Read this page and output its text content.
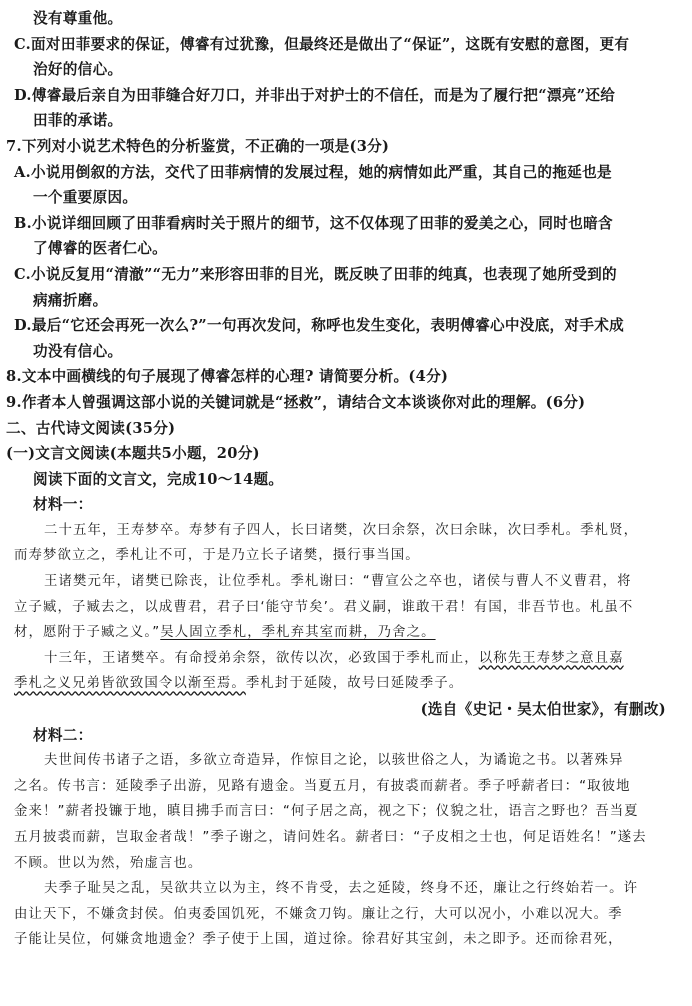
没有尊重他。
C.面对田菲要求的保证，傅睿有过犹豫，但最终还是做出了“保证”，这既有安慰的意图，更有
治好的信心。
D.傅睿最后亲自为田菲缝合好刀口，并非出于对护士的不信任，而是为了履行把“漂亮”还给
田菲的承诺。
7.下列对小说艺术特色的分析鉴赏，不正确的一项是(3分)
A.小说用倒叙的方法，交代了田菲病情的发展过程，她的病情如此严重，其自己的拖延也是
一个重要原因。
B.小说详细回顾了田菲看病时关于照片的细节，这不仅体现了田菲的爱美之心，同时也暗含
了傅睿的医者仁心。
C.小说反复用“清澈”“无力”来形容田菲的目光，既反映了田菲的纯真，也表现了她所受到的
病痛折磨。
D.最后“它还会再死一次么?”一句再次发问，称呼也发生变化，表明傅睿心中没底，对手术成
功没有信心。
8.文本中画横线的句子展现了傅睿怎样的心理? 请简要分析。(4分)
9.作者本人曾强调这部小说的关键词就是“拯救”，请结合文本谈谈你对此的理解。(6分)
二、古代诗文阅读(35分)
(一)文言文阅读(本题共5小题，20分)
阅读下面的文言文，完成10～14题。
材料一：
二十五年，王寿梦卒。寿梦有子四人，长曰诸樊，次曰余祭，次曰余昧，次曰季札。季札贤，
而寿梦欲立之，季札让不可，于是乃立长子诸樊，摄行事当国。
王诸樊元年，诸樊已除丧，让位季札。季札谢曰：“曹宣公之卒也，诸侯与曹人不义曹君，将
立子臧，子臧去之，以成曹君，君子曰‘能守节矣’。君义嗣，谁敢干君！有国，非吾节也。札虽不
材，愿附于子臧之义。”吴人固立季札，季札弃其室而耕，乃舍之。
十三年，王诸樊卒。有命授弟余祭，欲传以次，必致国于季札而止，以称先王寿梦之意且嘉
季札之义兄弟皆欲致国令以渐至焉。季札封于延陵，故号曰延陵季子。
(选自《史记・吴太伯世家》，有删改)
材料二：
夫世间传书诸子之语，多欲立奇造异，作惊目之论，以骇世俗之人，为谲诡之书。以著殊异
之名。传书言：延陵季子出游，见路有遗金。当夏五月，有披裘而薪者。季子呼薪者曰：“取彼地
金来！”薪者投镰于地，瞋目拂手而言曰：“何子居之高，视之下；仪貌之壮，语言之野也？吾当夏
五月披裘而薪，岂取金者哉！”季子谢之，请问姓名。薪者曰：“子皮相之士也，何足语姓名！”遂去
不顾。世以为然，殆虚言也。
夫季子耻吴之乱，吴欲共立以为主，终不肯受，去之延陵，终身不还，廉让之行终始若一。许
由让天下，不嫌贪封侯。伯夷委国饥死，不嫌贪刀钩。廉让之行，大可以况小，小难以况大。季
子能让吴位，何嫌贪地遗金？季子使于上国，道过徐。徐君好其宝剑，未之即予。还而徐君死，
